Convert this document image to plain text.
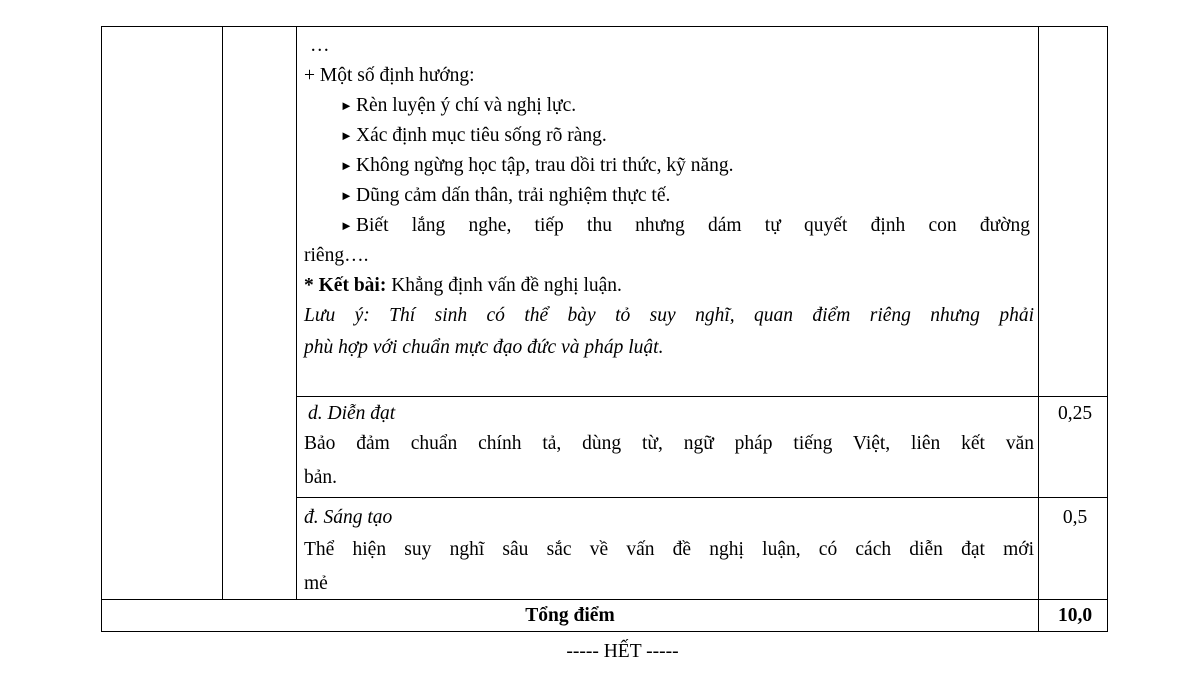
…
+ Một số định hướng:
► Rèn luyện ý chí và nghị lực.
► Xác định mục tiêu sống rõ ràng.
► Không ngừng học tập, trau dồi tri thức, kỹ năng.
► Dũng cảm dấn thân, trải nghiệm thực tế.
► Biết lắng nghe, tiếp thu nhưng dám tự quyết định con đường
riêng….
* Kết bài: Khẳng định vấn đề nghị luận.
Lưu ý: Thí sinh có thể bày tỏ suy nghĩ, quan điểm riêng nhưng phải
phù hợp với chuẩn mực đạo đức và pháp luật.
d. Diễn đạt
Bảo đảm chuẩn chính tả, dùng từ, ngữ pháp tiếng Việt, liên kết văn
bản.
0,25
đ. Sáng tạo
Thể hiện suy nghĩ sâu sắc về vấn đề nghị luận, có cách diễn đạt mới
mẻ
0,5
Tổng điểm	10,0
----- HẾT -----
